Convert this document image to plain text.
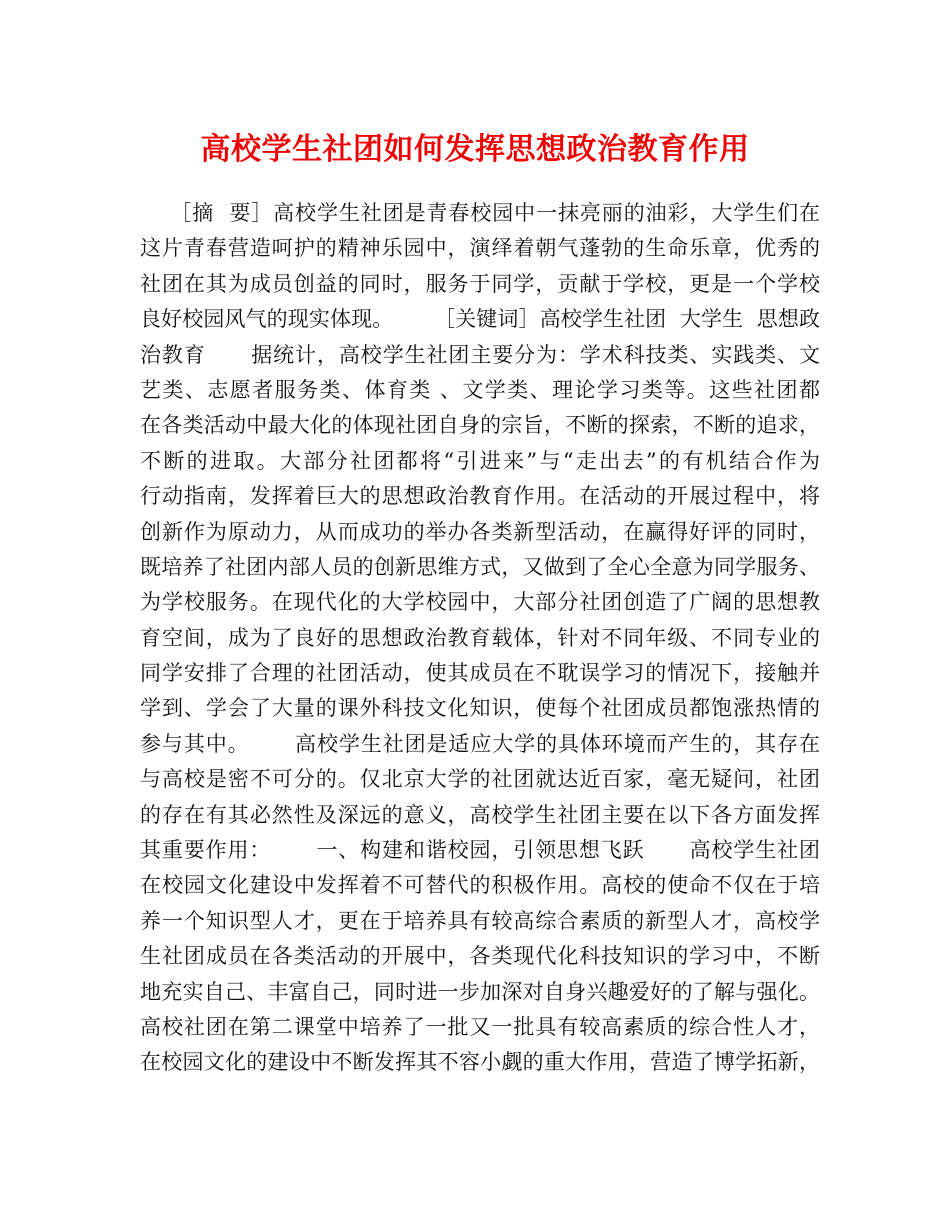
高校学生社团如何发挥思想政治教育作用
［摘  要］高校学生社团是青春校园中一抹亮丽的油彩，大学生们在
这片青春营造呵护的精神乐园中，演绎着朝气蓬勃的生命乐章，优秀的
社团在其为成员创益的同时，服务于同学，贡献于学校，更是一个学校
良好校园风气的现实体现。      ［关键词］高校学生社团  大学生  思想政
治教育      据统计，高校学生社团主要分为：学术科技类、实践类、文
艺类、志愿者服务类、体育类 、文学类、理论学习类等。这些社团都
在各类活动中最大化的体现社团自身的宗旨，不断的探索，不断的追求，
不断的进取。大部分社团都将“引进来”与“走出去”的有机结合作为
行动指南，发挥着巨大的思想政治教育作用。在活动的开展过程中，将
创新作为原动力，从而成功的举办各类新型活动，在赢得好评的同时，
既培养了社团内部人员的创新思维方式，又做到了全心全意为同学服务、
为学校服务。在现代化的大学校园中，大部分社团创造了广阔的思想教
育空间，成为了良好的思想政治教育载体，针对不同年级、不同专业的
同学安排了合理的社团活动，使其成员在不耽误学习的情况下，接触并
学到、学会了大量的课外科技文化知识，使每个社团成员都饱涨热情的
参与其中。      高校学生社团是适应大学的具体环境而产生的，其存在
与高校是密不可分的。仅北京大学的社团就达近百家，毫无疑问，社团
的存在有其必然性及深远的意义，高校学生社团主要在以下各方面发挥
其重要作用：      一、构建和谐校园，引领思想飞跃      高校学生社团
在校园文化建设中发挥着不可替代的积极作用。高校的使命不仅在于培
养一个知识型人才，更在于培养具有较高综合素质的新型人才，高校学
生社团成员在各类活动的开展中，各类现代化科技知识的学习中，不断
地充实自己、丰富自己，同时进一步加深对自身兴趣爱好的了解与强化。
高校社团在第二课堂中培养了一批又一批具有较高素质的综合性人才，
在校园文化的建设中不断发挥其不容小觑的重大作用，营造了博学拓新，
